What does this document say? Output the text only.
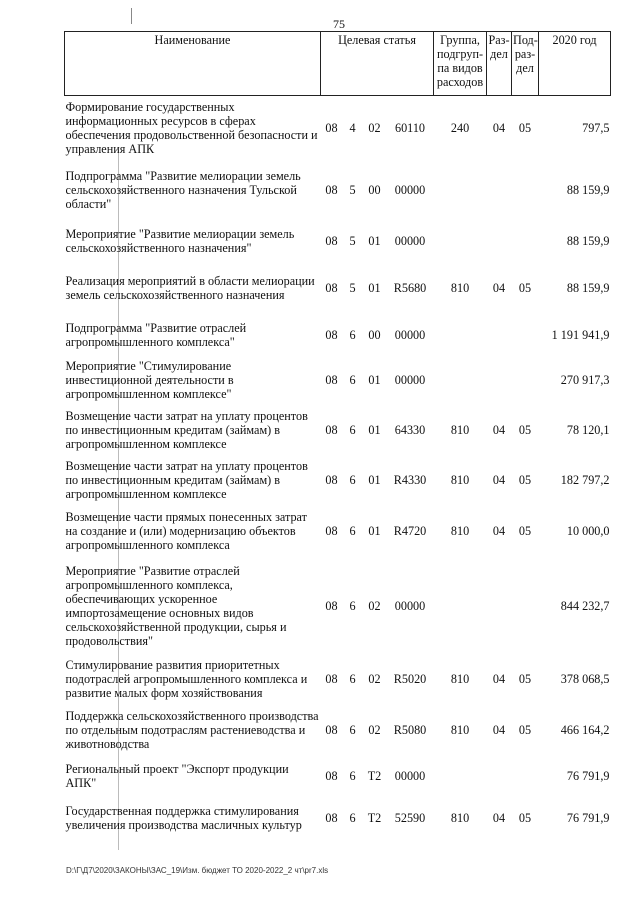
75
Наименование	Целевая статья				Группа, подгруп- па видов расходов	Раз- дел	Под- раз- дел	2020 год
Формирование государственных информационных ресурсов в сферах обеспечения продовольственной безопасности и управления АПК	08	4	02	60110	240	04	05	797,5
Подпрограмма "Развитие мелиорации земель сельскохозяйственного назначения Тульской области"	08	5	00	00000				88 159,9
Мероприятие "Развитие мелиорации земель сельскохозяйственного назначения"	08	5	01	00000				88 159,9
Реализация мероприятий в области мелиорации земель сельскохозяйственного назначения	08	5	01	R5680	810	04	05	88 159,9
Подпрограмма "Развитие отраслей агропромышленного комплекса"	08	6	00	00000				1 191 941,9
Мероприятие "Стимулирование инвестиционной деятельности в агропромышленном комплексе"	08	6	01	00000				270 917,3
Возмещение части затрат на уплату процентов по инвестиционным кредитам (займам) в агропромышленном комплексе	08	6	01	64330	810	04	05	78 120,1
Возмещение части затрат на уплату процентов по инвестиционным кредитам (займам) в агропромышленном комплексе	08	6	01	R4330	810	04	05	182 797,2
Возмещение части прямых понесенных затрат на создание и (или) модернизацию объектов агропромышленного комплекса	08	6	01	R4720	810	04	05	10 000,0
Мероприятие "Развитие отраслей агропромышленного комплекса, обеспечивающих ускоренное импортозамещение основных видов сельскохозяйственной продукции, сырья и продовольствия"	08	6	02	00000				844 232,7
Стимулирование развития приоритетных подотраслей агропромышленного комплекса и развитие малых форм хозяйствования	08	6	02	R5020	810	04	05	378 068,5
Поддержка сельскохозяйственного производства по отдельным подотраслям растениеводства и животноводства	08	6	02	R5080	810	04	05	466 164,2
Региональный проект "Экспорт продукции АПК"	08	6	T2	00000				76 791,9
Государственная поддержка стимулирования увеличения производства масличных культур	08	6	T2	52590	810	04	05	76 791,9
D:\Г\Д7\2020\ЗАКОНЫ\ЗАС_19\Изм. бюджет ТО 2020-2022_2 чт\pr7.xls
